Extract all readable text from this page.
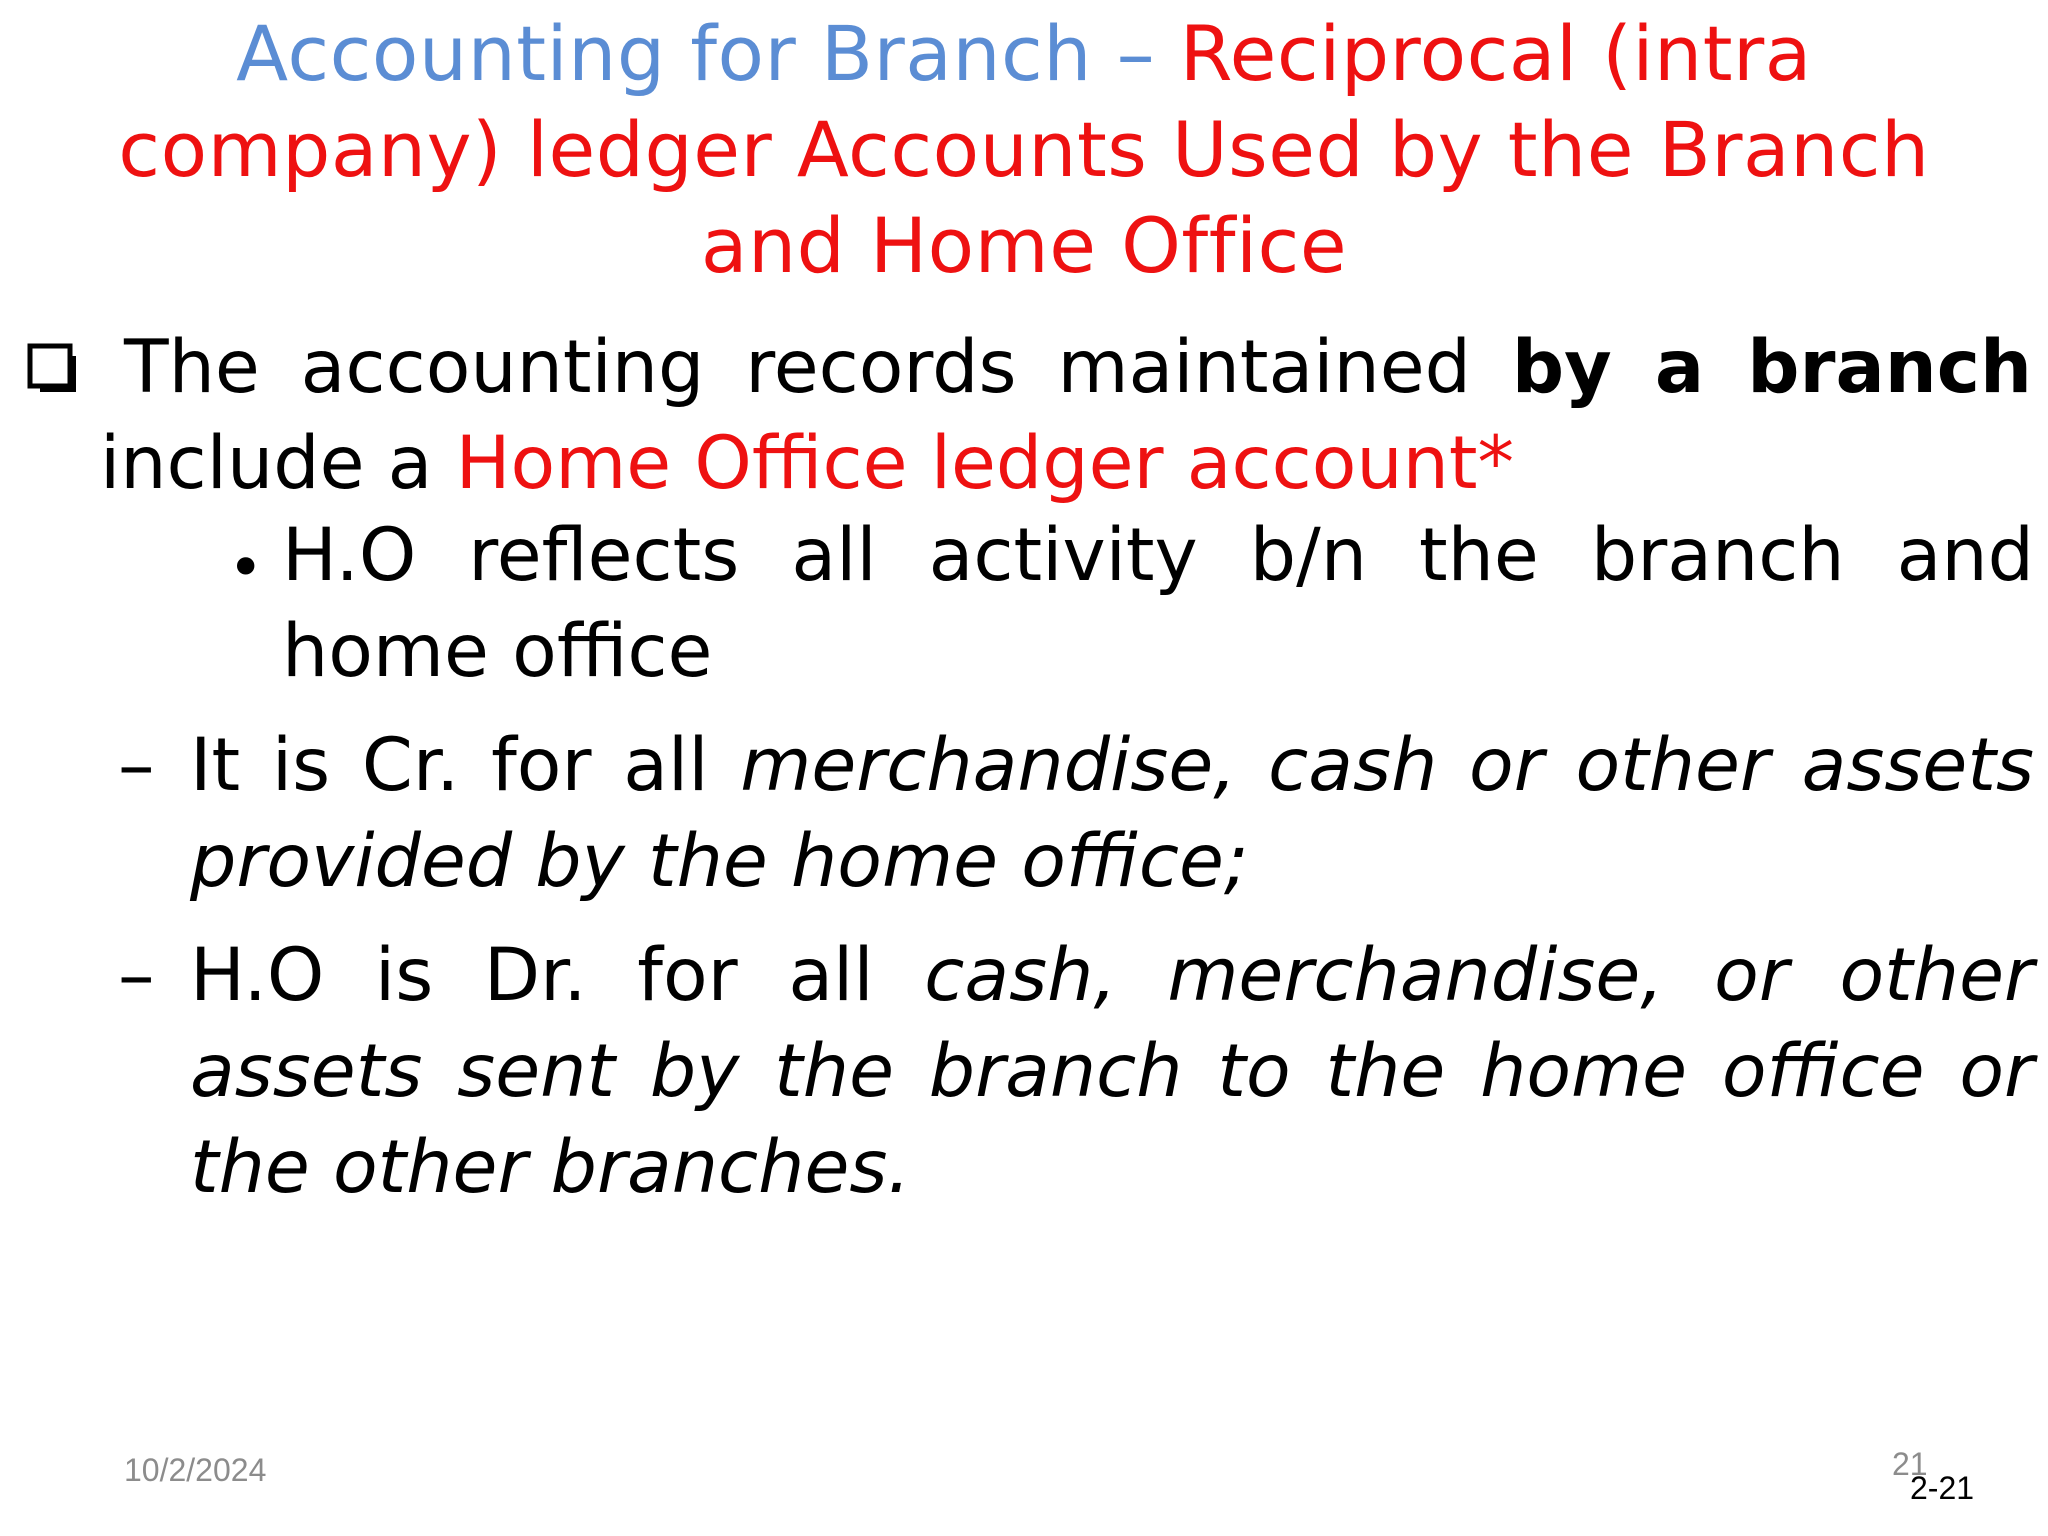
Accounting for Branch – Reciprocal (intra company) ledger Accounts Used by the Branch and Home Office
The accounting records maintained by a branch include a Home Office ledger account*
• H.O reflects all activity b/n the branch and home office
– It is Cr. for all merchandise, cash or other assets provided by the home office;
– H.O is Dr. for all cash, merchandise, or other assets sent by the branch to the home office or the other branches.
10/2/2024	21
2-21
